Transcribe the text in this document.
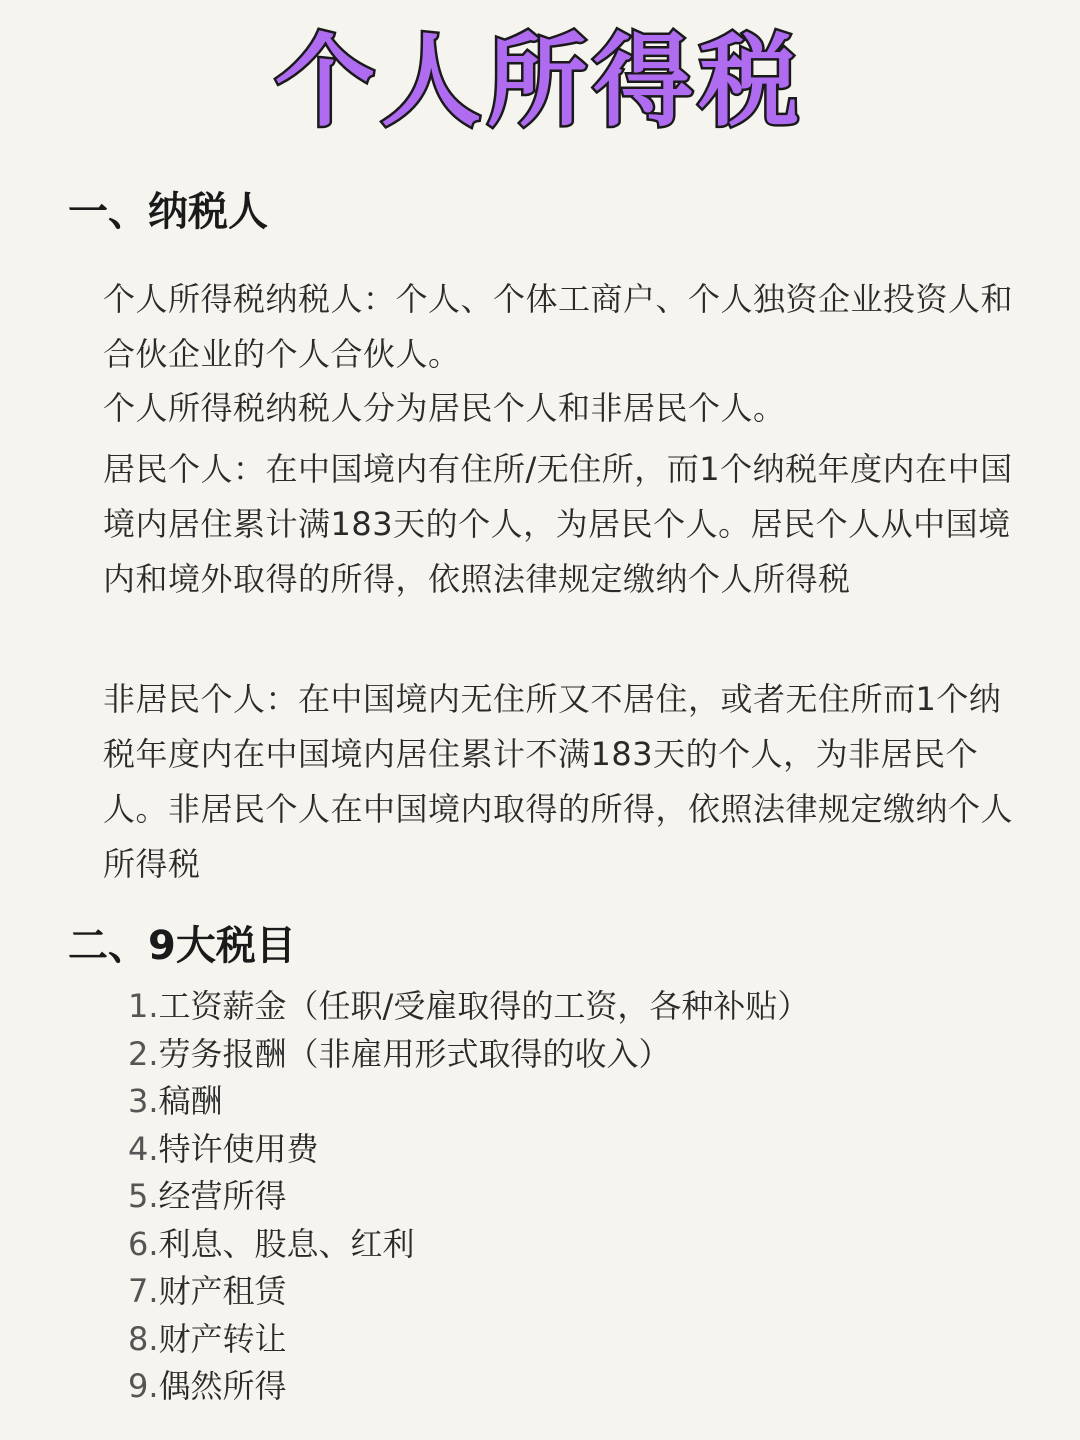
个人所得税
一、纳税人
个人所得税纳税人：个人、个体工商户、个人独资企业投资人和合伙企业的个人合伙人。
个人所得税纳税人分为居民个人和非居民个人。
居民个人：在中国境内有住所/无住所，而1个纳税年度内在中国境内居住累计满183天的个人，为居民个人。居民个人从中国境内和境外取得的所得，依照法律规定缴纳个人所得税
非居民个人：在中国境内无住所又不居住，或者无住所而1个纳税年度内在中国境内居住累计不满183天的个人，为非居民个人。非居民个人在中国境内取得的所得，依照法律规定缴纳个人所得税
二、9大税目
1.工资薪金（任职/受雇取得的工资，各种补贴）
2.劳务报酬（非雇用形式取得的收入）
3.稿酬
4.特许使用费
5.经营所得
6.利息、股息、红利
7.财产租赁
8.财产转让
9.偶然所得
